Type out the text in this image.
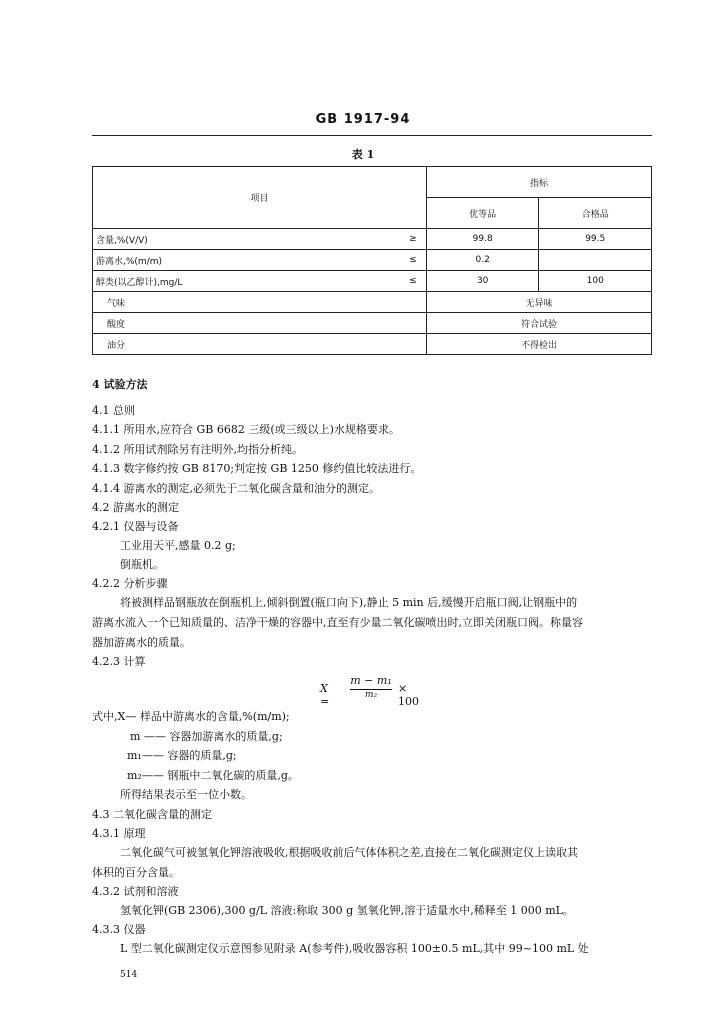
GB 1917-94
表 1
项目		指标	
		优等品	合格品
含量,%(V/V)	≥	99.8	99.5
游离水,%(m/m)	≤	0.2	
醇类(以乙醇计),mg/L	≤	30	100
气味		无异味	
酸度		符合试验	
油分		不得检出	
4 试验方法
4.1 总则
4.1.1 所用水,应符合 GB 6682 三级(或三级以上)水规格要求。
4.1.2 所用试剂除另有注明外,均指分析纯。
4.1.3 数字修约按 GB 8170;判定按 GB 1250 修约值比较法进行。
4.1.4 游离水的测定,必须先于二氧化碳含量和油分的测定。
4.2 游离水的测定
4.2.1 仪器与设备
工业用天平,感量 0.2 g;
倒瓶机。
4.2.2 分析步骤
将被测样品钢瓶放在倒瓶机上,倾斜倒置(瓶口向下),静止 5 min 后,缓慢开启瓶口阀,让钢瓶中的
游离水流入一个已知质量的、洁净干燥的容器中,直至有少量二氧化碳喷出时,立即关闭瓶口阀。称量容
器加游离水的质量。
4.2.3 计算
X =
m − m₁
m₂	× 100
式中,X— 样品中游离水的含量,%(m/m);
m —— 容器加游离水的质量,g;
m₁—— 容器的质量,g;
m₂—— 钢瓶中二氧化碳的质量,g。
所得结果表示至一位小数。
4.3 二氧化碳含量的测定
4.3.1 原理
二氧化碳气可被氢氧化钾溶液吸收,根据吸收前后气体体积之差,直接在二氧化碳测定仪上读取其
体积的百分含量。
4.3.2 试剂和溶液
氢氧化钾(GB 2306),300 g/L 溶液:称取 300 g 氢氧化钾,溶于适量水中,稀释至 1 000 mL。
4.3.3 仪器
L 型二氧化碳测定仪示意图参见附录 A(参考件),吸收器容积 100±0.5 mL,其中 99~100 mL 处
514
